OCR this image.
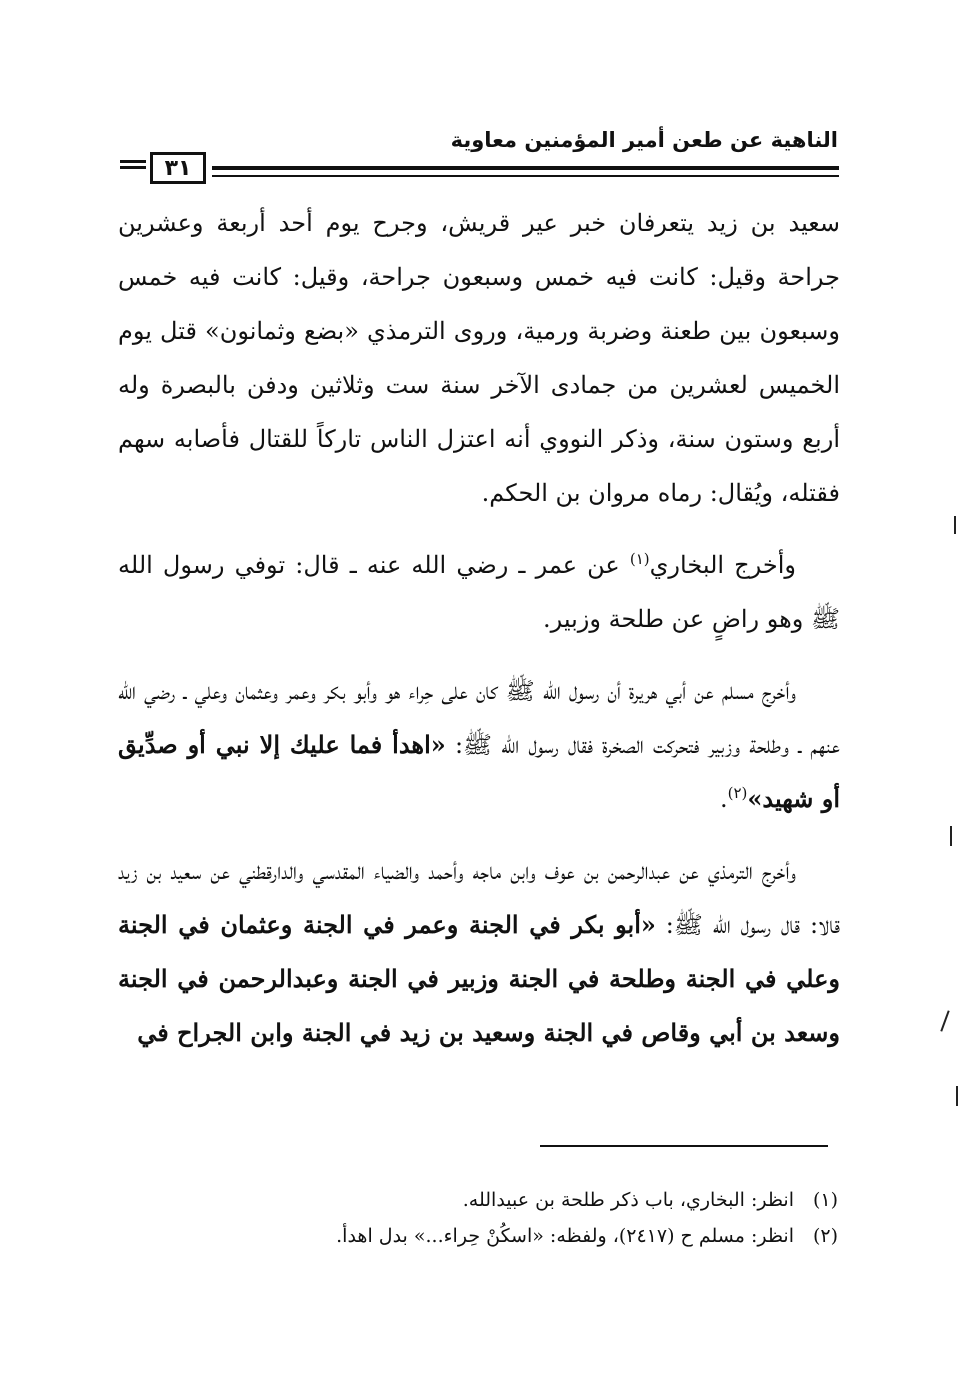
الناهية عن طعن أمير المؤمنين معاوية
٣١

سعيد بن زيد يتعرفان خبر عير قريش، وجرح يوم أحد أربعة وعشرين جراحة وقيل: كانت فيه خمس وسبعون جراحة، وقيل: كانت فيه خمس وسبعون بين طعنة وضربة ورمية، وروى الترمذي «بضع وثمانون» قتل يوم الخميس لعشرين من جمادى الآخر سنة ست وثلاثين ودفن بالبصرة وله أربع وستون سنة، وذكر النووي أنه اعتزل الناس تاركاً للقتال فأصابه سهم فقتله، ويُقال: رماه مروان بن الحكم.

وأخرج البخاري$^{(١)}$ عن عمر ـ رضي الله عنه ـ قال: توفي رسول الله ﷺ وهو راضٍ عن طلحة وزبير.

وأخرج مسلم عن أبي هريرة أن رسول الله ﷺ كان على حِراء هو وأبو بكر وعمر وعثمان وعلي ـ رضي الله عنهم ـ وطلحة وزبير فتحركت الصخرة فقال رسول الله ﷺ: «اهدأ فما عليك إلا نبي أو صدِّيق أو شهيد»$^{(٢)}$.

وأخرج الترمذي عن عبدالرحمن بن عوف وابن ماجه وأحمد والضياء المقدسي والدارقطني عن سعيد بن زيد قالا: قال رسول الله ﷺ: «أبو بكر في الجنة وعمر في الجنة وعثمان في الجنة وعلي في الجنة وطلحة في الجنة وزبير في الجنة وعبدالرحمن في الجنة وسعد بن أبي وقاص في الجنة وسعيد بن زيد في الجنة وابن الجراح في

(١)انظر: البخاري، باب ذكر طلحة بن عبيدالله.
(٢)انظر: مسلم ح (٢٤١٧)، ولفظه: «اسكُنْ حِراء...» بدل اهدأ.
